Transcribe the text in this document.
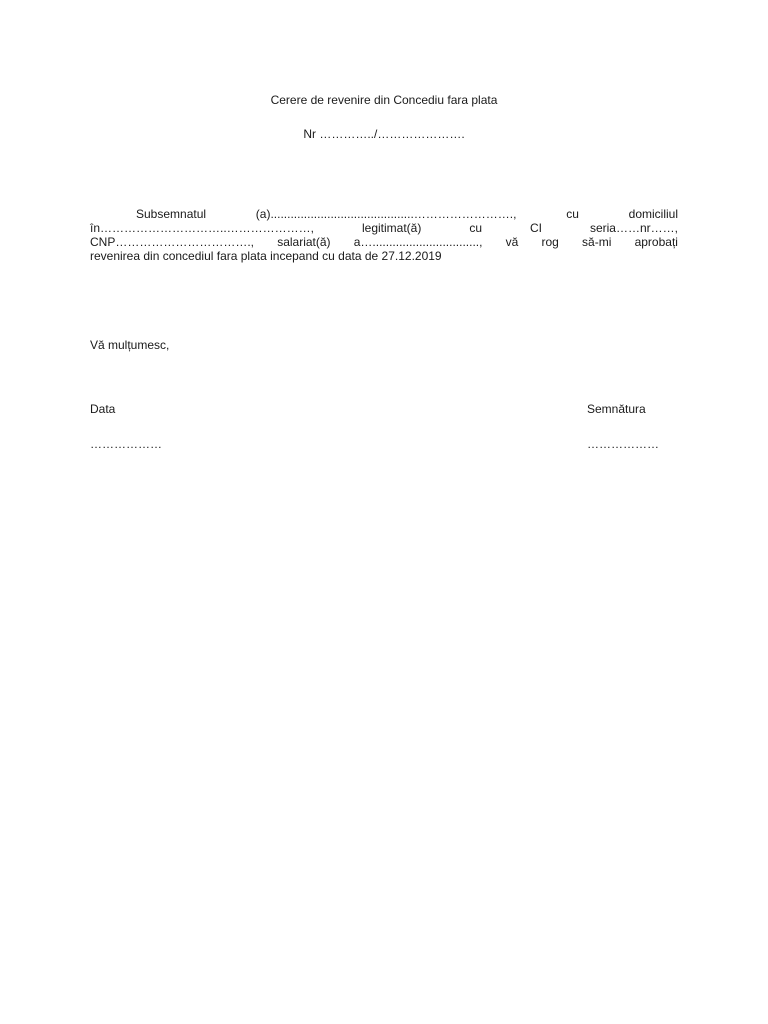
Cerere de revenire din Concediu fara plata
Nr …………../………………….
Subsemnatul	(a)...........................................…………………….,	cu	domiciliul
în…………………………..…………………,	legitimat(ă)	cu	CI	seria……nr……,
CNP……………………………., salariat(ă) a…................................, vă rog să-mi aprobați
revenirea din concediul fara plata incepand cu data de 27.12.2019
Vă mulțumesc,
Data	Semnătura
………………	………………
